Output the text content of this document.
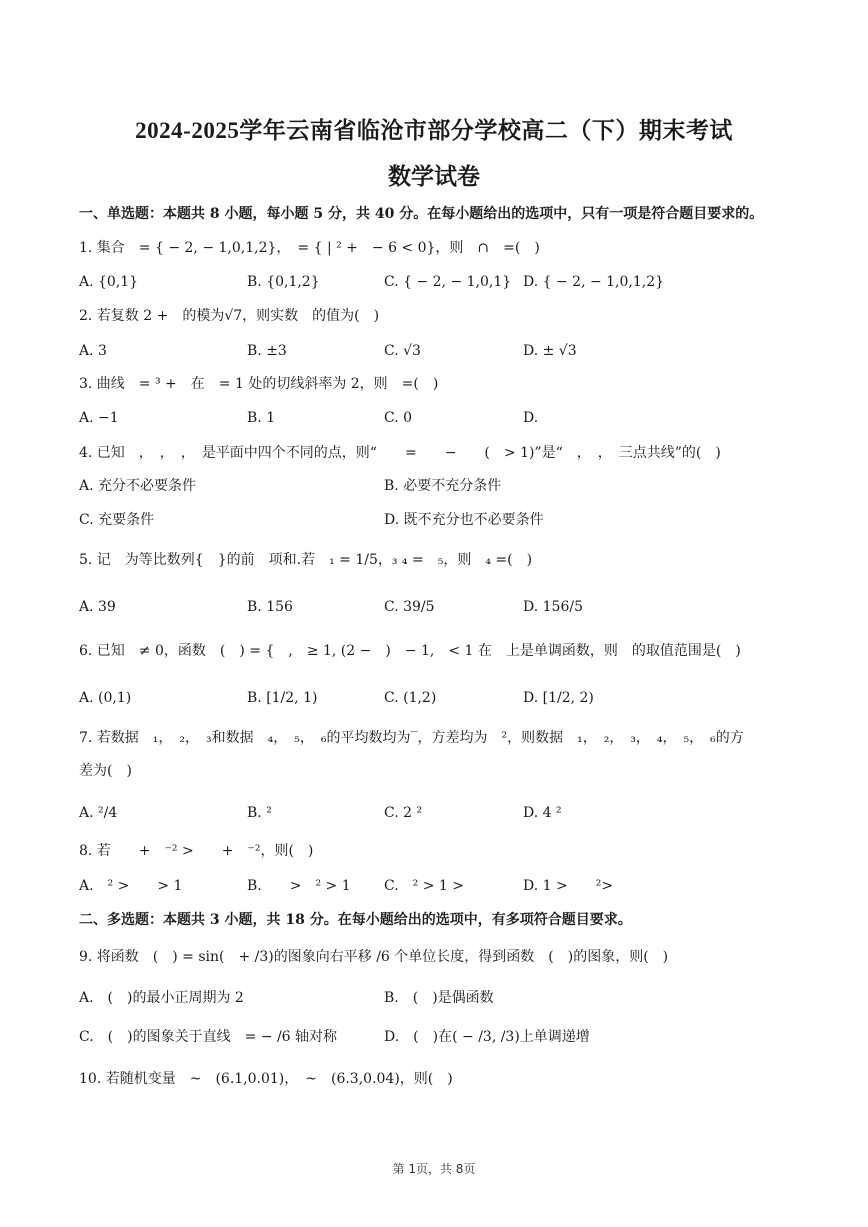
2024-2025学年云南省临沧市部分学校高二（下）期末考试
数学试卷
一、单选题：本题共 8 小题，每小题 5 分，共 40 分。在每小题给出的选项中，只有一项是符合题目要求的。
1. 集合　= { − 2, − 1,0,1,2}，　= { | ² +　− 6 < 0}，则　∩　=(　)
A. {0,1}	B. {0,1,2}	C. { − 2, − 1,0,1} D. { − 2, − 1,0,1,2}
2. 若复数 2 +　的模为√7，则实数　的值为(　)
A. 3	B. ±3	C. √3	D. ± √3
3. 曲线　= ³ +　在　= 1 处的切线斜率为 2，则　=(　)
A. −1	B. 1	C. 0	D.
4. 已知　，　，　，　是平面中四个不同的点，则“　　=　　−　　(　> 1)”是“　，　，　三点共线”的(　)
A. 充分不必要条件	B. 必要不充分条件
C. 充要条件	D. 既不充分也不必要条件
5. 记　为等比数列{　}的前　项和.若　₁ = 1/5，₃ ₄ =　₅，则　₄ =(　)
A. 39	B. 156	C. 39/5	D. 156/5
6. 已知　≠ 0，函数　(　) = {　,　≥ 1, (2 −　)　− 1,　< 1 在　上是单调函数，则　的取值范围是(　)
A. (0,1)	B. [1/2, 1)	C. (1,2)	D. [1/2, 2)
7. 若数据　₁，　₂，　₃和数据　₄，　₅，　₆的平均数均为‾，方差均为　²，则数据　₁，　₂，　₃，　₄，　₅，　₆的方
差为(　)
A. ²/4	B. ²	C. 2 ²	D. 4 ²
8. 若　　+　⁻² >　　+　⁻²，则(　)
A.　² >　　> 1	B.　　>　² > 1 C.　² > 1 >	D. 1 >　　²>
二、多选题：本题共 3 小题，共 18 分。在每小题给出的选项中，有多项符合题目要求。
9. 将函数　(　) = sin(　+ /3)的图象向右平移 /6 个单位长度，得到函数　(　)的图象，则(　)
A.　(　)的最小正周期为 2	B.　(　)是偶函数
C.　(　)的图象关于直线　= − /6 轴对称	D.　(　)在( − /3, /3)上单调递增
10. 若随机变量　~　(6.1,0.01)，　~　(6.3,0.04)，则(　)
第 1页，共 8页
